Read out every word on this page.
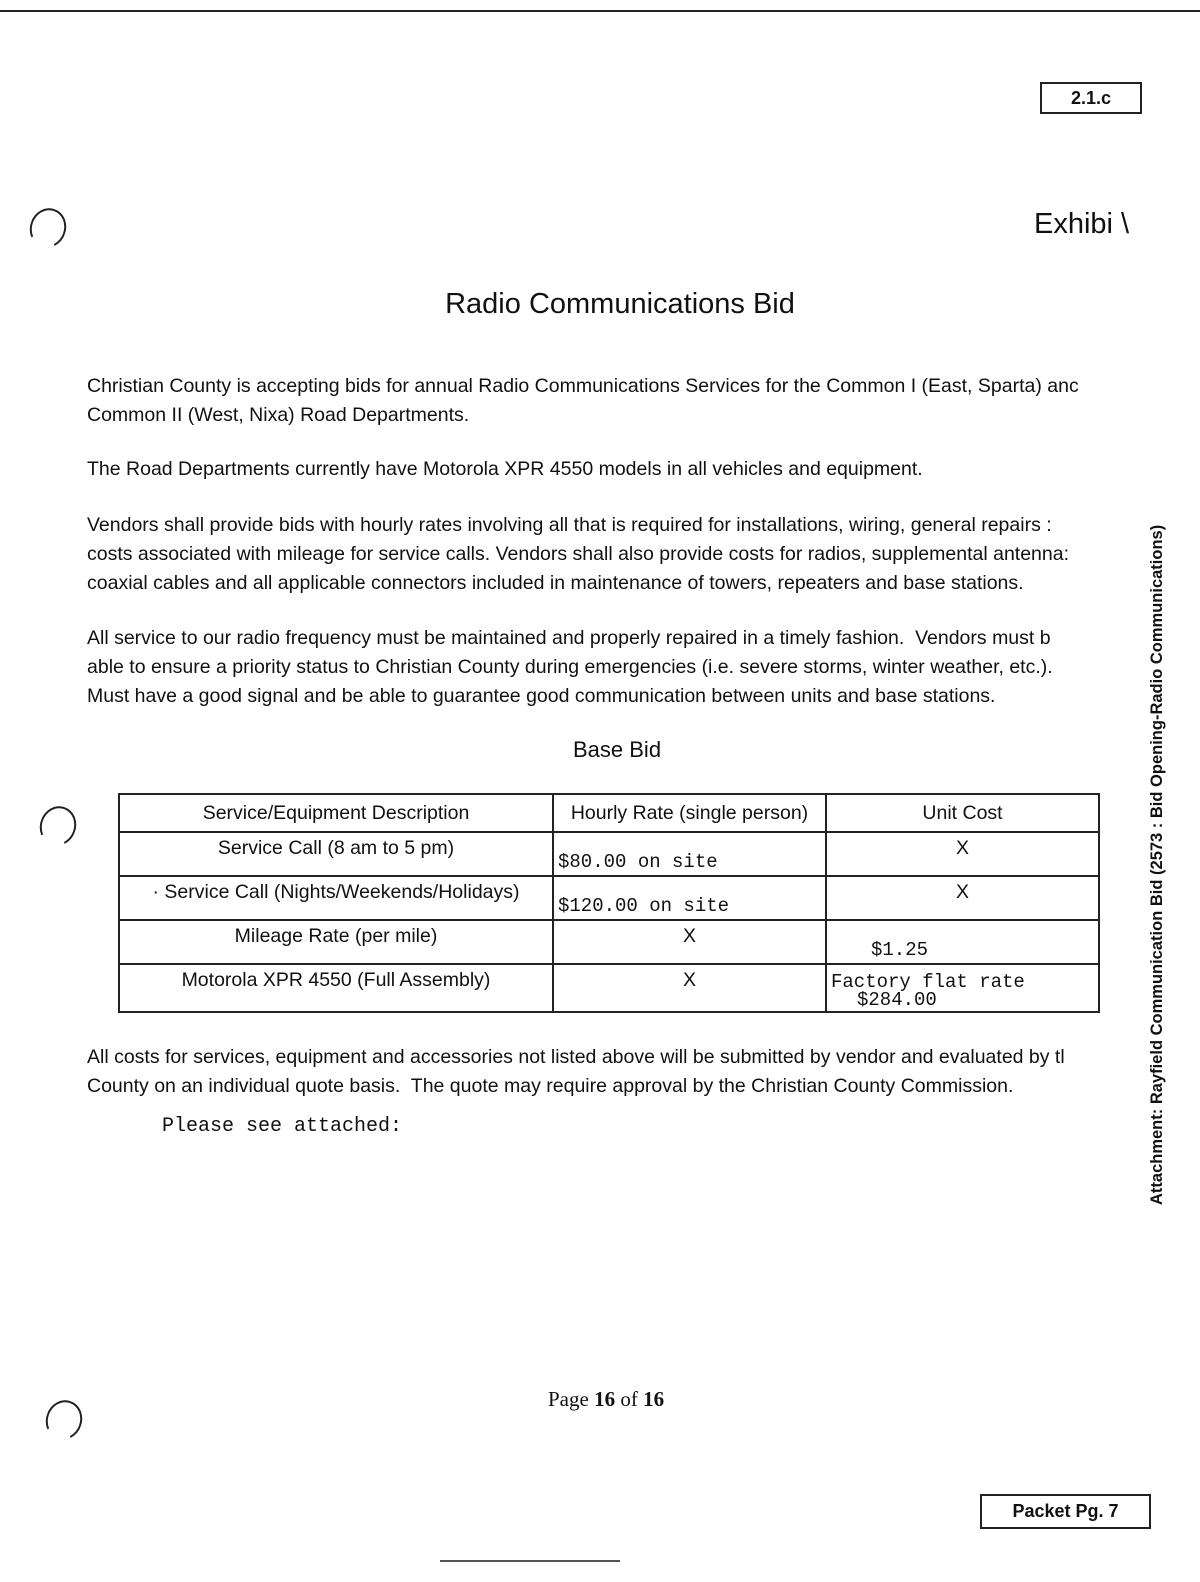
2.1.c
Exhibi \
Radio Communications Bid
Christian County is accepting bids for annual Radio Communications Services for the Common I (East, Sparta) anc
Common II (West, Nixa) Road Departments.
The Road Departments currently have Motorola XPR 4550 models in all vehicles and equipment.
Vendors shall provide bids with hourly rates involving all that is required for installations, wiring, general repairs :
costs associated with mileage for service calls. Vendors shall also provide costs for radios, supplemental antenna:
coaxial cables and all applicable connectors included in maintenance of towers, repeaters and base stations.
All service to our radio frequency must be maintained and properly repaired in a timely fashion.  Vendors must b
able to ensure a priority status to Christian County during emergencies (i.e. severe storms, winter weather, etc.).
Must have a good signal and be able to guarantee good communication between units and base stations.
Base Bid
Service/Equipment Description	Hourly Rate (single person)	Unit Cost
Service Call (8 am to 5 pm)	$80.00 on site	X
· Service Call (Nights/Weekends/Holidays)	$120.00 on site	X
Mileage Rate (per mile)	X	$1.25
Motorola XPR 4550 (Full Assembly)	X	Factory flat rate
$284.00
All costs for services, equipment and accessories not listed above will be submitted by vendor and evaluated by tl
County on an individual quote basis.  The quote may require approval by the Christian County Commission.
Please see attached:
Page 16 of 16
Attachment: Rayfield Communication Bid (2573 : Bid Opening-Radio Communications)
Packet Pg. 7
